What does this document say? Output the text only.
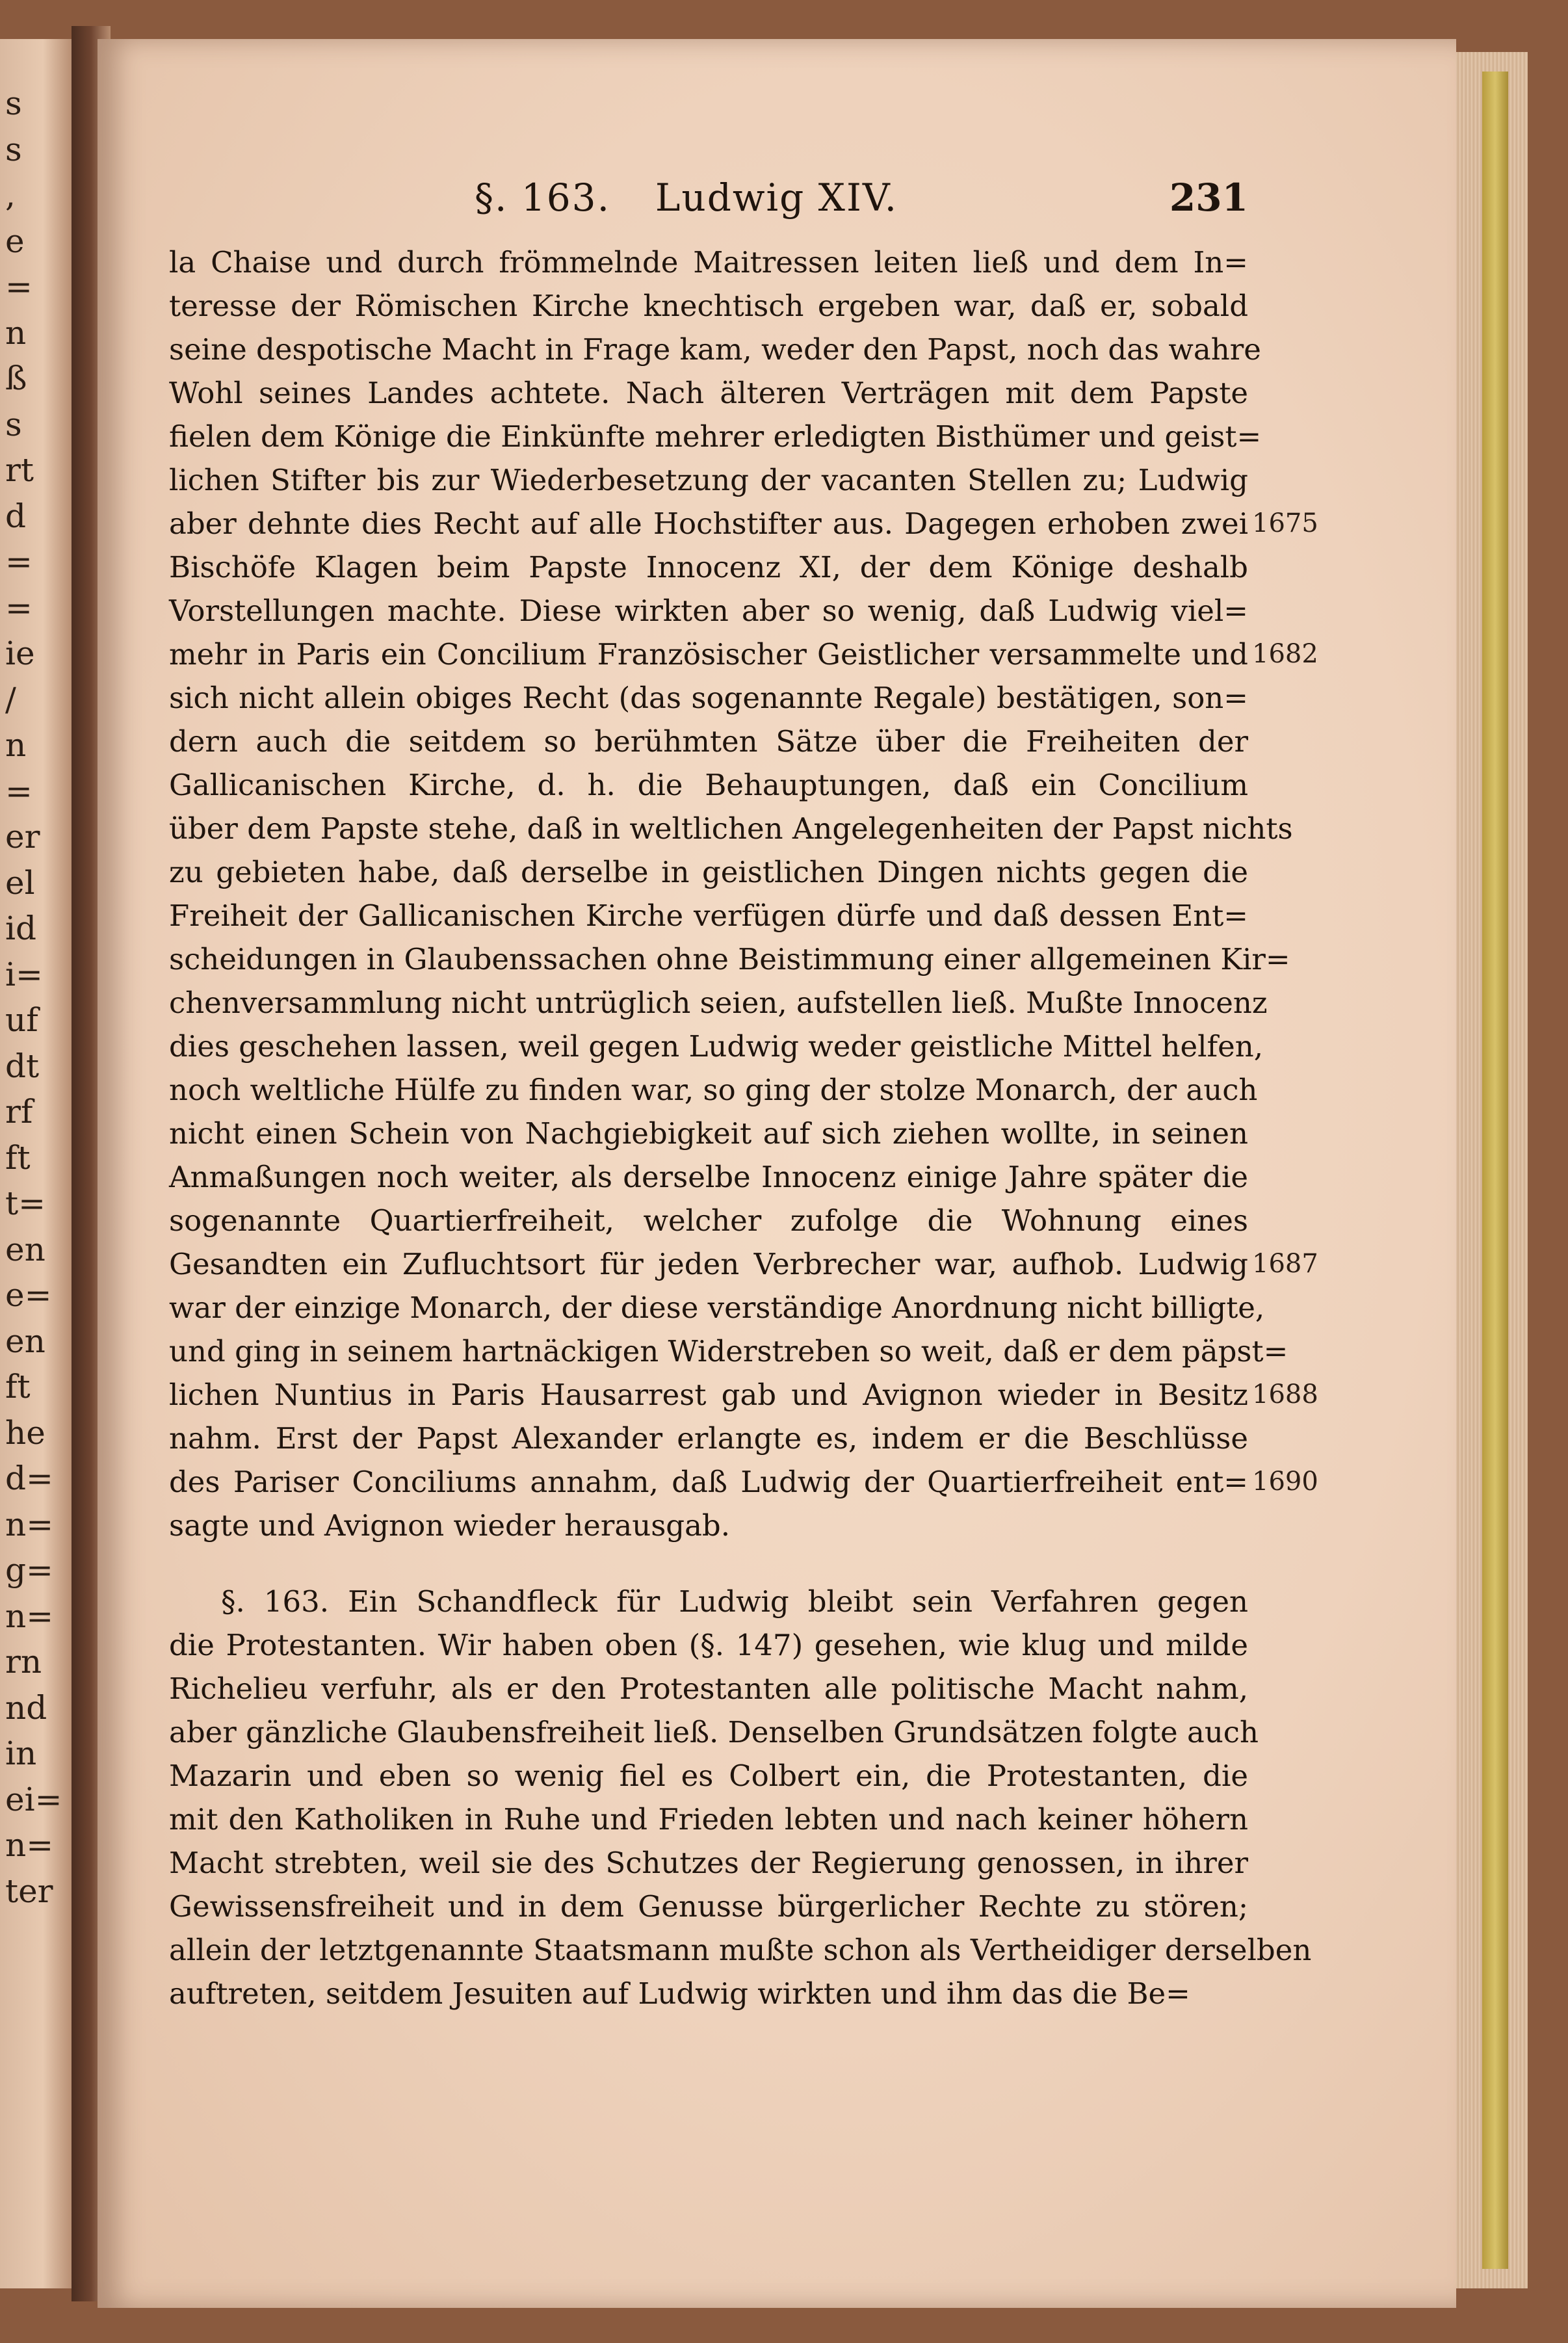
s
s
,
e
=
n
ß
s
rt
d
=
=
ie
/
n
=
er
el
id
i=
uf
dt
rf
ft
t=
en
e=
en
ft
he
d=
n=
g=
n=
rn
nd
in
ei=
n=
ter
§. 163. Ludwig XIV.	231
la Chaise und durch frömmelnde Maitressen leiten ließ und dem In=
teresse der Römischen Kirche knechtisch ergeben war, daß er, sobald
seine despotische Macht in Frage kam, weder den Papst, noch das wahre
Wohl seines Landes achtete. Nach älteren Verträgen mit dem Papste
fielen dem Könige die Einkünfte mehrer erledigten Bisthümer und geist=
lichen Stifter bis zur Wiederbesetzung der vacanten Stellen zu; Ludwig
aber dehnte dies Recht auf alle Hochstifter aus. Dagegen erhoben zwei
Bischöfe Klagen beim Papste Innocenz XI, der dem Könige deshalb
Vorstellungen machte. Diese wirkten aber so wenig, daß Ludwig viel=
mehr in Paris ein Concilium Französischer Geistlicher versammelte und
sich nicht allein obiges Recht (das sogenannte Regale) bestätigen, son=
dern auch die seitdem so berühmten Sätze über die Freiheiten der
Gallicanischen Kirche, d. h. die Behauptungen, daß ein Concilium
über dem Papste stehe, daß in weltlichen Angelegenheiten der Papst nichts
zu gebieten habe, daß derselbe in geistlichen Dingen nichts gegen die
Freiheit der Gallicanischen Kirche verfügen dürfe und daß dessen Ent=
scheidungen in Glaubenssachen ohne Beistimmung einer allgemeinen Kir=
chenversammlung nicht untrüglich seien, aufstellen ließ. Mußte Innocenz
dies geschehen lassen, weil gegen Ludwig weder geistliche Mittel helfen,
noch weltliche Hülfe zu finden war, so ging der stolze Monarch, der auch
nicht einen Schein von Nachgiebigkeit auf sich ziehen wollte, in seinen
Anmaßungen noch weiter, als derselbe Innocenz einige Jahre später die
sogenannte Quartierfreiheit, welcher zufolge die Wohnung eines
Gesandten ein Zufluchtsort für jeden Verbrecher war, aufhob. Ludwig
war der einzige Monarch, der diese verständige Anordnung nicht billigte,
und ging in seinem hartnäckigen Widerstreben so weit, daß er dem päpst=
lichen Nuntius in Paris Hausarrest gab und Avignon wieder in Besitz
nahm. Erst der Papst Alexander erlangte es, indem er die Beschlüsse
des Pariser Conciliums annahm, daß Ludwig der Quartierfreiheit ent=
sagte und Avignon wieder herausgab.
1675
1682
1687
1688
1690
§. 163. Ein Schandfleck für Ludwig bleibt sein Verfahren gegen
die Protestanten. Wir haben oben (§. 147) gesehen, wie klug und milde
Richelieu verfuhr, als er den Protestanten alle politische Macht nahm,
aber gänzliche Glaubensfreiheit ließ. Denselben Grundsätzen folgte auch
Mazarin und eben so wenig fiel es Colbert ein, die Protestanten, die
mit den Katholiken in Ruhe und Frieden lebten und nach keiner höhern
Macht strebten, weil sie des Schutzes der Regierung genossen, in ihrer
Gewissensfreiheit und in dem Genusse bürgerlicher Rechte zu stören;
allein der letztgenannte Staatsmann mußte schon als Vertheidiger derselben
auftreten, seitdem Jesuiten auf Ludwig wirkten und ihm das die Be=
